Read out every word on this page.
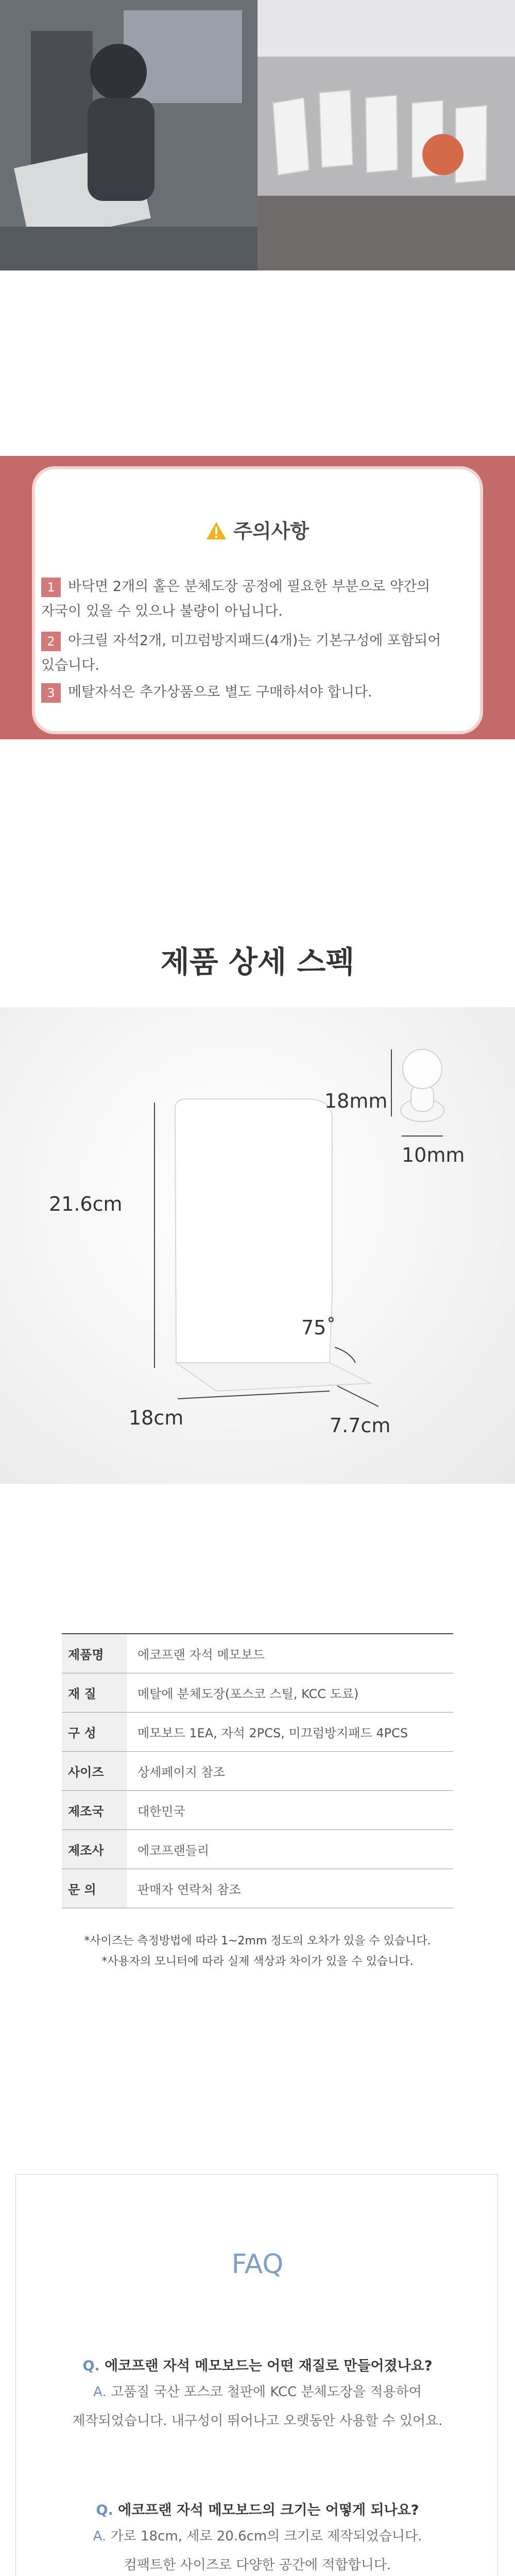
주의사항
1 바닥면 2개의 홀은 분체도장 공정에 필요한 부분으로 약간의
자국이 있을 수 있으나 불량이 아닙니다.
2 아크릴 자석2개, 미끄럼방지패드(4개)는 기본구성에 포함되어
있습니다.
3 메탈자석은 추가상품으로 별도 구매하셔야 합니다.
제품 상세 스펙
18mm
10mm
21.6cm
18cm
75˚
7.7cm
제품명	에코프랜 자석 메모보드
재 질	메탈에 분체도장(포스코 스틸, KCC 도료)
구 성	메모보드 1EA, 자석 2PCS, 미끄럼방지패드 4PCS
사이즈	상세페이지 참조
제조국	대한민국
제조사	에코프랜들리
문 의	판매자 연락처 참조
*사이즈는 측정방법에 따라 1~2mm 정도의 오차가 있을 수 있습니다.
*사용자의 모니터에 따라 실제 색상과 차이가 있을 수 있습니다.
FAQ
Q. 에코프랜 자석 메모보드는 어떤 재질로 만들어졌나요?
A. 고품질 국산 포스코 철판에 KCC 분체도장을 적용하여
제작되었습니다. 내구성이 뛰어나고 오랫동안 사용할 수 있어요.
Q. 에코프랜 자석 메모보드의 크기는 어떻게 되나요?
A. 가로 18cm, 세로 20.6cm의 크기로 제작되었습니다.
컴팩트한 사이즈로 다양한 공간에 적합합니다.
